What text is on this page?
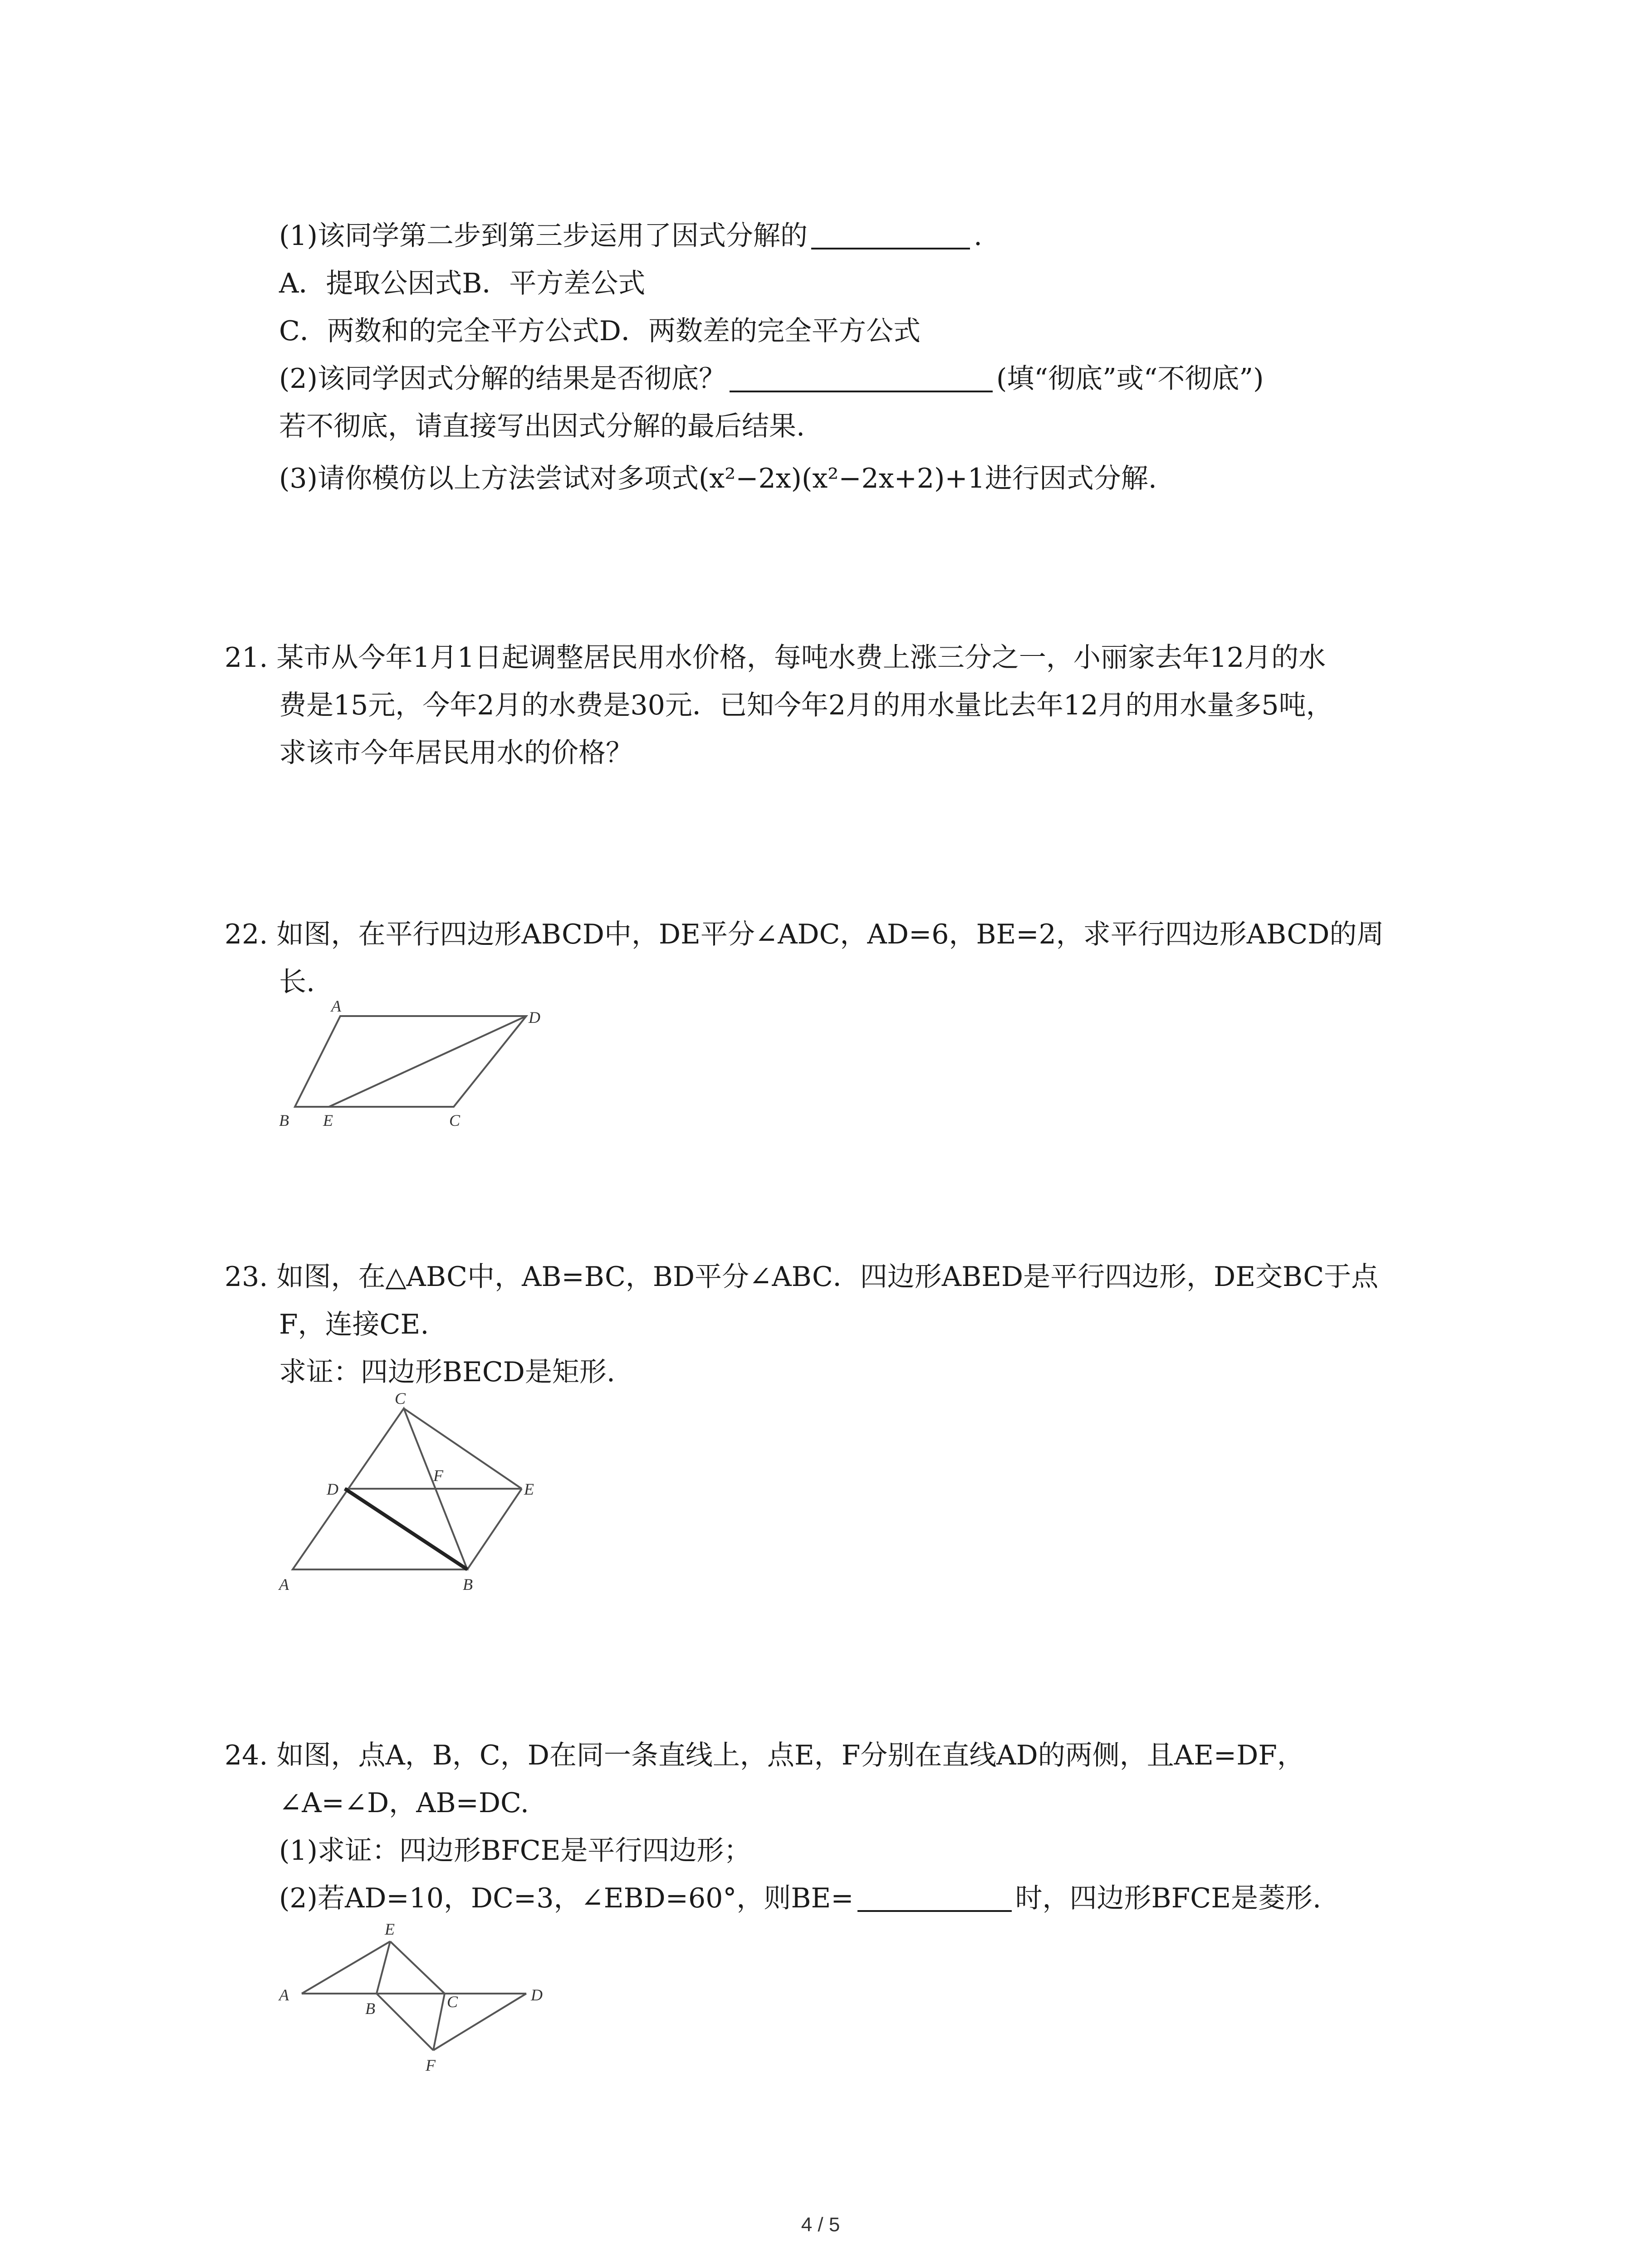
(1)该同学第二步到第三步运用了因式分解的	.
A．提取公因式B．平方差公式
C．两数和的完全平方公式D．两数差的完全平方公式
(2)该同学因式分解的结果是否彻底？	(填“彻底”或“不彻底”)
若不彻底，请直接写出因式分解的最后结果.
(3)请你模仿以上方法尝试对多项式(x²−2x)(x²−2x+2)+1进行因式分解.
21. 某市从今年1月1日起调整居民用水价格，每吨水费上涨三分之一，小丽家去年12月的水
费是15元，今年2月的水费是30元．已知今年2月的用水量比去年12月的用水量多5吨，
求该市今年居民用水的价格？
22. 如图，在平行四边形ABCD中，DE平分∠ADC，AD=6，BE=2，求平行四边形ABCD的周
长.
A
D
B E	C
23. 如图，在△ABC中，AB=BC，BD平分∠ABC．四边形ABED是平行四边形，DE交BC于点
F，连接CE.
求证：四边形BECD是矩形.
C
D
F
E
A	B
24. 如图，点A，B，C，D在同一条直线上，点E，F分别在直线AD的两侧，且AE=DF，
∠A=∠D，AB=DC.
(1)求证：四边形BFCE是平行四边形；
(2)若AD=10，DC=3，∠EBD=60°，则BE=	时，四边形BFCE是菱形.
E
A
B	C	D
F
4 / 5
